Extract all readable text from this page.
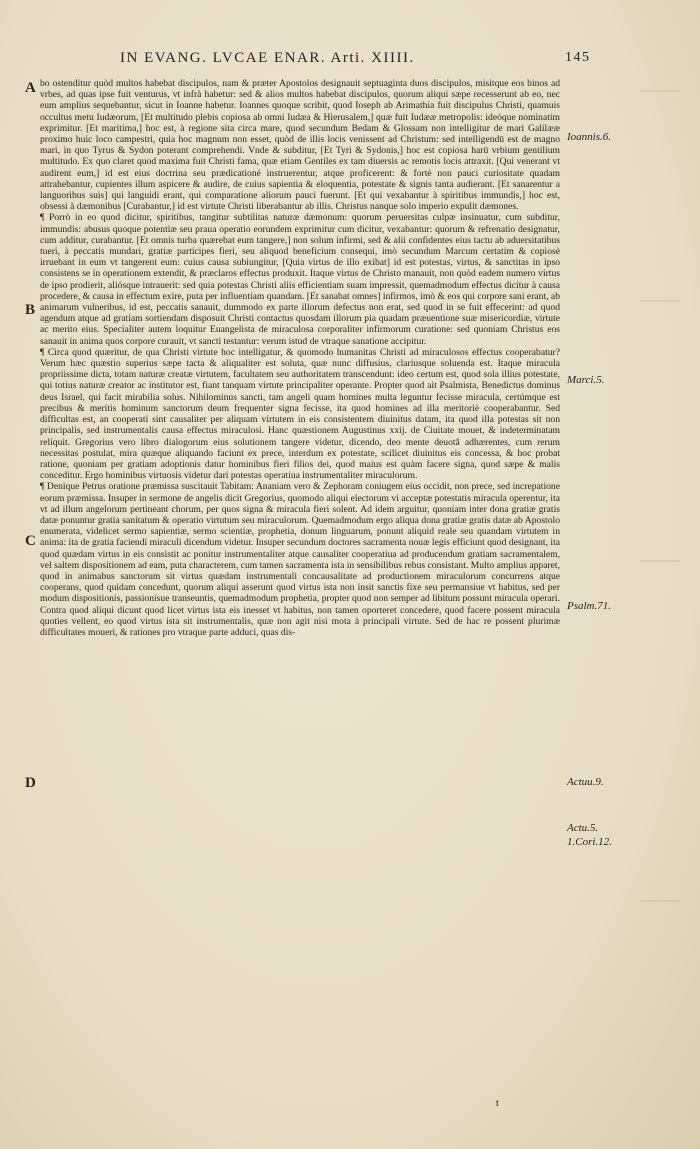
IN EVANG. LVCAE ENAR. Arti. XIIII.	145
A
B
C
D
Ioannis.6.
Marci.5.
Psalm.71.
Actuu.9.
Actu.5.
1.Cori.12.

bo ostenditur quòd multos habebat discipulos, nam & præter Apostolos designauit septuaginta duos discipulos, misitque eos binos ad vrbes, ad quas ipse fuit venturus, vt infrà habetur: sed & alios multos habebat discipulos, quorum aliqui sæpe recesserunt ab eo, nec eum amplius sequebantur, sicut in Ioanne habetur. Ioannes quoque scribit, quod Ioseph ab Arimathia fuit discipulus Christi, quamuis occultus metu Iudæorum, [Et multitudo plebis copiosa ab omni Iudæa & Hierusalem,] quæ fuit Iudææ metropolis: ideóque nominatim exprimitur. [Et maritima,] hoc est, à regione sita circa mare, quod secundum Bedam & Glossam non intelligitur de mari Galilææ proximo huic loco campestri, quia hoc magnum non esset, quòd de illis locis venissent ad Christum: sed intelligendū est de magno mari, in quo Tyrus & Sydon poterant comprehendi. Vnde & subditur, [Et Tyri & Sydonis,] hoc est copiosa harū vrbium gentilium multitudo. Ex quo claret quod maxima fuit Christi fama, quæ etiam Gentiles ex tam diuersis ac remotis locis attraxit. [Qui venerant vt audirent eum,] id est eius doctrina seu prædicationé instruerentur, atque proficerent: & fortè non pauci curiositate quadam attrahebantur, cupientes illum aspicere & audire, de cuius sapientia & eloquentia, potestate & signis tanta audierant. [Et sanarentur a languoribus suis] qui languidi erant, qui comparatione aliorum pauci fuerunt. [Et qui vexabantur à spiritibus immundis,] hoc est, obsessi à dæmonibus [Curabantur,] id est virtute Christi liberabantur ab illis. Christus nanque solo imperio expulit dæmones.

¶ Porrò in eo quod dicitur, spiritibus, tangitur subtilitas naturæ dæmonum: quorum peruersitas culpæ insinuatur, cum subditur, immundis: abusus quoque potentiæ seu praua operatio eorundem exprimitur cum dicitur, vexabantur: quorum & refrenatio designatur, cum additur, curabantur. [Et omnis turba quærebat eum tangere,] non solum infirmi, sed & alii confidentes eius tactu ab aduersitatibus tueri, à peccatis mundari, gratiæ participes fieri, seu aliquod beneficium consequi, imò secundum Marcum certatim & copiosè irruebant in eum vt tangerent eum: cuius causa subiungitur, [Quia virtus de illo exibat] id est potestas, virtus, & sanctitas in ipso consistens se in operationem extendit, & præclaros effectus produxit. Itaque virtus de Christo manauit, non quòd eadem numero virtus de ipso prodierit, aliósque intrauerit: sed quia potestas Christi aliis efficientiam suam impressit, quemadmodum effectus dicitur à causa procedere, & causa in effectum exire, puta per influentiam quandam. [Et sanabat omnes] infirmos, imò & eos qui corpore sani erant, ab animarum vulneribus, id est, peccatis sanauit, dummodo ex parte illorum defectus non erat, sed quod in se fuit effecerint: ad quod agendum atque ad gratiam sortiendam disposuit Christi contactus quosdam illorum pia quadam præuentione suæ misericordiæ, virtute ac merito eius. Specialiter autem loquitur Euangelista de miraculosa corporaliter infirmorum curatione: sed quoniam Christus eos sanauit in anima quos corpore curauit, vt sancti testantur: verum istud de vtraque sanatione accipitur.

¶ Circa quod quæritur, de qua Christi virtute hoc intelligatur, & quomodo humanitas Christi ad miraculosos effectus cooperabatur? Verum hæc quæstio superius sæpe tacta & aliqualiter est soluta, quæ nunc diffusius, clariusque soluenda est. Itaque miracula propriissime dicta, totam naturæ creatæ virtutem, facultatem seu authoritatem transcendunt: ideo certum est, quod sola illius potestate, qui totius naturæ creator ac institutor est, fiant tanquam virtute principaliter operante. Propter quod ait Psalmista, Benedictus dominus deus Israel, qui facit mirabilia solus. Nihilominus sancti, tam angeli quam homines multa leguntur fecisse miracula, certúmque est precibus & meritis hominum sanctorum deum frequenter signa fecisse, ita quod homines ad illa meritoriè cooperabantur. Sed difficultas est, an cooperati sint causaliter per aliquam virtutem in eis consistentem diuinitus datam, ita quod illa potestas sit non principalis, sed instrumentalis causa effectus miraculosi. Hanc quæstionem Augustinus xxij. de Ciuitate mouet, & indeterminatam reliquit. Gregorius vero libro dialogorum eius solutionem tangere videtur, dicendo, deo mente deuotâ adhærentes, cum rerum necessitas postulat, mira quæque aliquando faciunt ex prece, interdum ex potestate, scilicet diuinitus eis concessa, & hoc probat ratione, quoniam per gratiam adoptionis datur hominibus fieri filios dei, quod maius est quàm facere signa, quod sæpe & malis conceditur. Ergo hominibus virtuosis videtur dari potestas operatiua instrumentaliter miraculorum.

¶ Denique Petrus oratione præmissa suscitauit Tabitam: Ananiam vero & Zephoram coniugem eius occidit, non prece, sed increpatione eorum præmissa. Insuper in sermone de angelis dicit Gregorius, quomodo aliqui electorum vi acceptæ potestatis miracula operentur, ita vt ad illum angelorum pertineant chorum, per quos signa & miracula fieri solent. Ad idem arguitur, quoniam inter dona gratiæ gratis datæ ponuntur gratia sanitatum & operatio virtutum seu miraculorum. Quemadmodum ergo aliqua dona gratiæ gratis datæ ab Apostolo enumerata, videlicet sermo sapientiæ, sermo scientiæ, prophetia, donum linguarum, ponunt aliquid reale seu quandam virtutem in anima: ita de gratia faciendi miraculi dicendum videtur. Insuper secundum doctores sacramenta nouæ legis efficiunt quod designant, ita quod quædam virtus in eis consistit ac ponitur instrumentaliter atque causaliter cooperatiua ad producendum gratiam sacramentalem, vel saltem dispositionem ad eam, puta characterem, cum tamen sacramenta ista in sensibilibus rebus consistant. Multo amplius apparet, quod in animabus sanctorum sit virtus quædam instrumentali concausalitate ad productionem miraculorum concurrens atque cooperans, quod quidam concedunt, quorum aliqui asserunt quod virtus ista non insit sanctis fixe seu permansiue vt habitus, sed per modum dispositionis, passionisue transeuntis, quemadmodum prophetia, propter quod non semper ad libitum possunt miracula operari. Contra quod aliqui dicunt quod licet virtus ista eis inesset vt habitus, non tamen oporteret concedere, quod facere possent miracula quoties vellent, eo quod virtus ista sit instrumentalis, quæ non agit nisi mota à principali virtute. Sed de hac re possent plurimæ difficultates moueri, & rationes pro vtraque parte adduci, quas dis-

t
